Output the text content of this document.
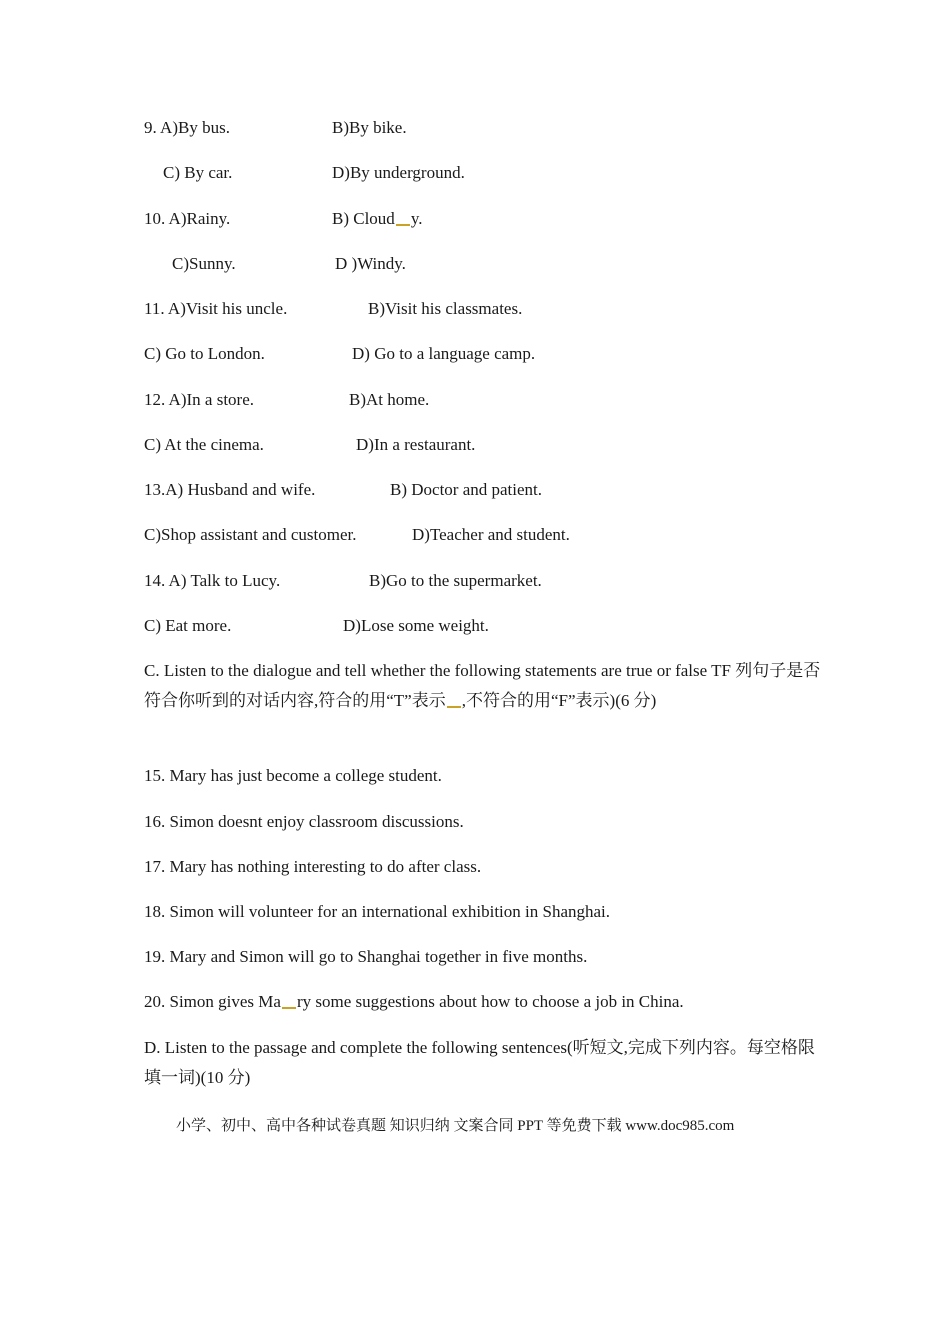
9. A)By bus.	B)By bike.
C) By car.	D)By underground.
10. A)Rainy.	B) Cloud y.
C)Sunny.	D )Windy.
11. A)Visit his uncle.	B)Visit his classmates.
C) Go to London.	D) Go to a language camp.
12. A)In a store.	B)At home.
C) At the cinema.	D)In a restaurant.
13.A) Husband and wife.	B) Doctor and patient.
C)Shop assistant and customer.	D)Teacher and student.
14. A) Talk to Lucy.	B)Go to the supermarket.
C) Eat more.	D)Lose some weight.
C. Listen to the dialogue and tell whether the following statements are true or false TF 列句子是否符合你听到的对话内容,符合的用“T”表示 ,不符合的用“F”表示)(6 分)
15. Mary has just become a college student.
16. Simon doesnt enjoy classroom discussions.
17. Mary has nothing interesting to do after class.
18. Simon will volunteer for an international exhibition in Shanghai.
19. Mary and Simon will go to Shanghai together in five months.
20. Simon gives Ma ry some suggestions about how to choose a job in China.
D. Listen to the passage and complete the following sentences(听短文,完成下列内容。每空格限填一词)(10 分)
小学、初中、高中各种试卷真题 知识归纳 文案合同 PPT 等免费下载 www.doc985.com
